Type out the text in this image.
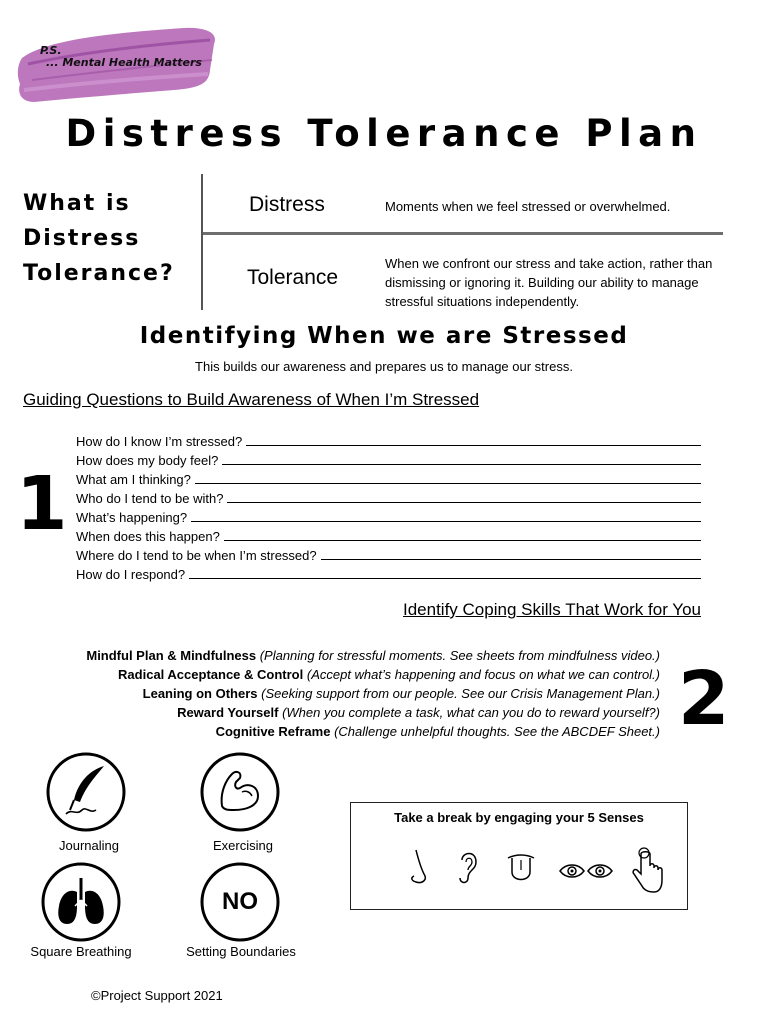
P.S.
... Mental Health Matters
Distress Tolerance Plan
What is
Distress
Tolerance?
Distress	Moments when we feel stressed or overwhelmed.
Tolerance
When we confront our stress and take action, rather than dismissing or ignoring it. Building our ability to manage stressful situations independently.
Identifying When we are Stressed
This builds our awareness and prepares us to manage our stress.
Guiding Questions to Build Awareness of When I’m Stressed
1
How do I know I’m stressed?
How does my body feel?
What am I thinking?
Who do I tend to be with?
What’s happening?
When does this happen?
Where do I tend to be when I’m stressed?
How do I respond?
Identify Coping Skills That Work for You
Mindful Plan & Mindfulness (Planning for stressful moments. See sheets from mindfulness video.)
Radical Acceptance & Control (Accept what’s happening and focus on what we can control.)
Leaning on Others (Seeking support from our people. See our Crisis Management Plan.)
Reward Yourself (When you complete a task, what can you do to reward yourself?)
Cognitive Reframe (Challenge unhelpful thoughts. See the ABCDEF Sheet.) 2
Journaling	Exercising
Square Breathing
NO
Setting Boundaries
Take a break by engaging your 5 Senses
©Project Support 2021
